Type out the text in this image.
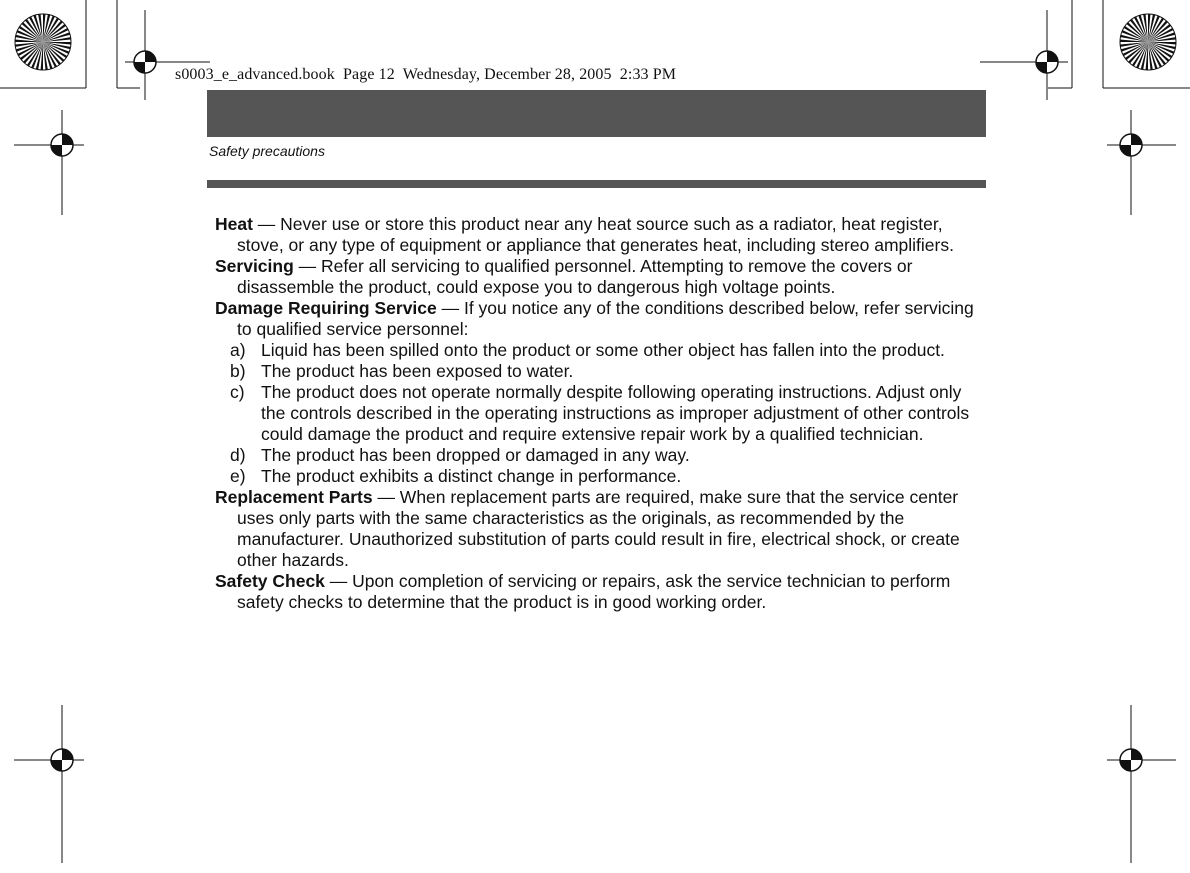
s0003_e_advanced.book  Page 12  Wednesday, December 28, 2005  2:33 PM
Safety precautions

Heat — Never use or store this product near any heat source such as a radiator, heat register, stove, or any type of equipment or appliance that generates heat, including stereo amplifiers.

Servicing — Refer all servicing to qualified personnel. Attempting to remove the covers or disassemble the product, could expose you to dangerous high voltage points.

Damage Requiring Service — If you notice any of the conditions described below, refer servicing to qualified service personnel:

a) Liquid has been spilled onto the product or some other object has fallen into the product.
b) The product has been exposed to water.
c) The product does not operate normally despite following operating instructions. Adjust only the controls described in the operating instructions as improper adjustment of other controls could damage the product and require extensive repair work by a qualified technician.
d) The product has been dropped or damaged in any way.
e) The product exhibits a distinct change in performance.

Replacement Parts — When replacement parts are required, make sure that the service center uses only parts with the same characteristics as the originals, as recommended by the manufacturer. Unauthorized substitution of parts could result in fire, electrical shock, or create other hazards.

Safety Check — Upon completion of servicing or repairs, ask the service technician to perform safety checks to determine that the product is in good working order.
